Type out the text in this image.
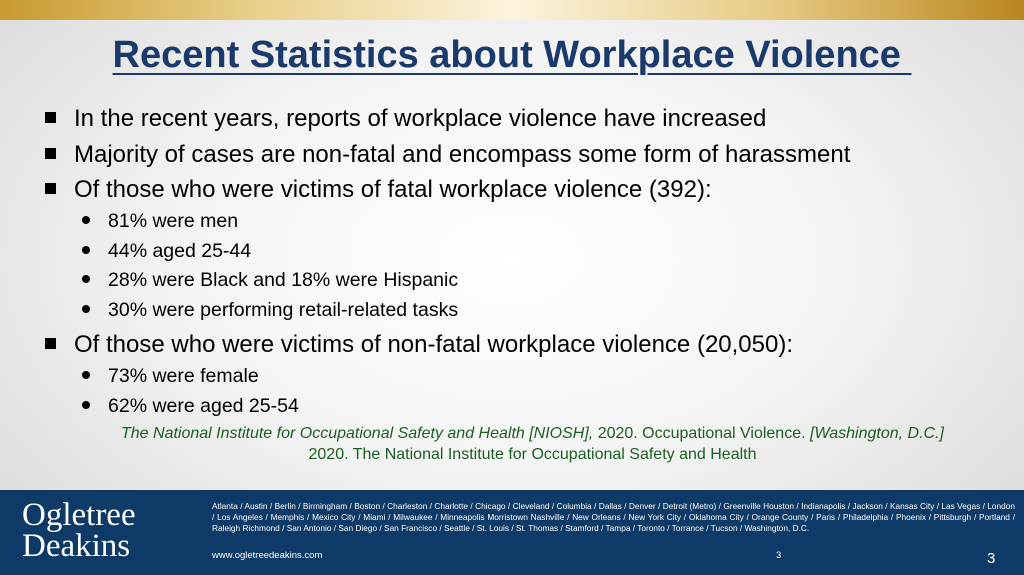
Recent Statistics about Workplace Violence
In the recent years, reports of workplace violence have increased
Majority of cases are non-fatal and encompass some form of harassment
Of those who were victims of fatal workplace violence (392):
81% were men
44% aged 25-44
28% were Black and 18% were Hispanic
30% were performing retail-related tasks
Of those who were victims of non-fatal workplace violence (20,050):
73% were female
62% were aged 25-54
The National Institute for Occupational Safety and Health [NIOSH], 2020. Occupational Violence. [Washington, D.C.]
2020. The National Institute for Occupational Safety and Health
Ogletree
Deakins
Atlanta / Austin / Berlin / Birmingham / Boston / Charleston / Charlotte / Chicago / Cleveland / Columbia / Dallas / Denver / Detroit (Metro) / Greenville Houston / Indianapolis / Jackson / Kansas City / Las Vegas / London / Los Angeles / Memphis / Mexico City / Miami / Milwaukee / Minneapolis Morristown Nashville / New Orleans / New York City / Oklahoma City / Orange County / Paris / Philadelphia / Phoenix / Pittsburgh / Portland / Raleigh Richmond / San Antonio / San Diego / San Francisco / Seattle / St. Louis / St. Thomas / Stamford / Tampa / Toronto / Torrance / Tucson / Washington, D.C.
www.ogletreedeakins.com	3	3
